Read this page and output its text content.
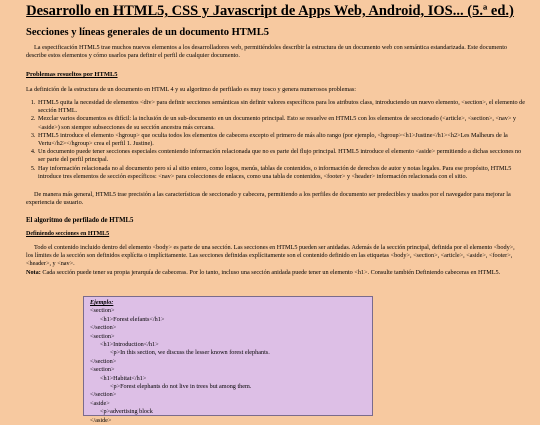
Desarrollo en HTML5, CSS y Javascript de Apps Web, Android, IOS... (5.ª ed.)
Secciones y líneas generales de un documento HTML5

La especificación HTML5 trae muchos nuevos elementos a los desarrolladores web, permitiéndoles describir la estructura de un documento web con semántica estandarizada. Este documento describe estos elementos y cómo usarlos para definir el perfil de cualquier documento.

Problemas resueltos por HTML5

La definición de la estructura de un documento en HTML 4 y su algoritmo de perfilado es muy tosco y genera numerosos problemas:

1. HTML5 quita la necesidad de elementos <div> para definir secciones semánticas sin definir valores específicos para los atributos class, introduciendo un nuevo elemento, <section>, el elemento de sección HTML.
2. Mezclar varios documentos es difícil: la inclusión de un sub-documento en un documento principal. Esto se resuelve en HTML5 con los elementos de seccionado (<article>, <section>, <nav> y <aside>) son siempre subsecciones de su sección ancestra más cercana.
3. HTML5 introduce el elemento <hgroup> que oculta todos los elementos de cabecera excepto el primero de más alto rango (por ejemplo, <hgroup><h1>Justine</h1><h2>Les Malheurs de la Vertu</h2></hgroup> crea el perfil 1. Justine).
4. Un documento puede tener secciones especiales conteniendo información relacionada que no es parte del flujo principal. HTML5 introduce el elemento <aside> permitiendo a dichas secciones no ser parte del perfil principal.
5. Hay información relacionada no al documento pero sí al sitio entero, como logos, menús, tablas de contenidos, o información de derechos de autor y notas legales. Para ese propósito, HTML5 introduce tres elementos de sección específicos: <nav> para colecciones de enlaces, como una tabla de contenidos, <footer> y <header> información relacionada con el sitio.

De manera más general, HTML5 trae precisión a las características de seccionado y cabecera, permitiendo a los perfiles de documento ser predecibles y usados por el navegador para mejorar la experiencia de usuario.

El algoritmo de perfilado de HTML5
Definiendo secciones en HTML5

Todo el contenido incluido dentro del elemento <body> es parte de una sección. Las secciones en HTML5 pueden ser anidadas. Además de la sección principal, definida por el elemento <body>, los límites de la sección son definidos explícita o implícitamente. Las secciones definidas explícitamente son el contenido definido en las etiquetas <body>, <section>, <article>, <aside>, <footer>, <header>, y <nav>.

Nota: Cada sección puede tener su propia jerarquía de cabeceras. Por lo tanto, incluso una sección anidada puede tener un elemento <h1>. Consulte también Definiendo cabeceras en HTML5.

Ejemplo:

<section>

<h1>Forest elefants</h1>

</section>

<section>

<h1>Introduction</h1>

<p>In this section, we discuss the lesser known forest elephants.

</section>

<section>

<h1>Habitat</h1>

<p>Forest elephants do not live in trees but among them.

</section>

<aside>

<p>advertising block

</aside>
